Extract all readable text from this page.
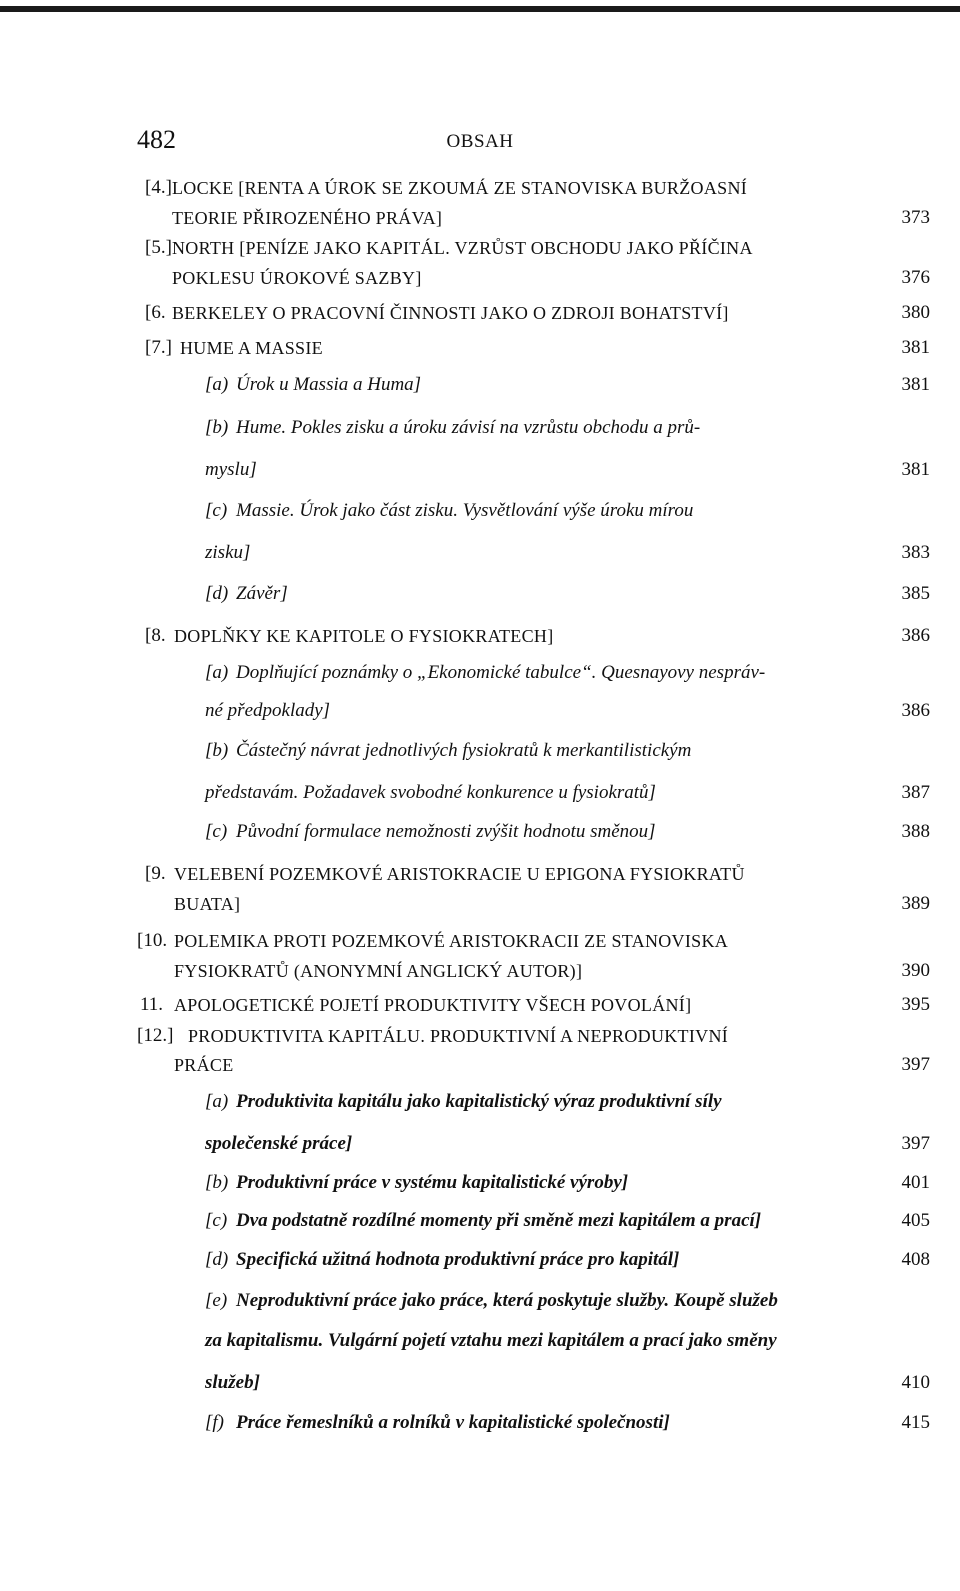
482	OBSAH
[4.] LOCKE [RENTA A ÚROK SE ZKOUMÁ ZE STANOVISKA BURŽOASNÍ
TEORIE PŘIROZENÉHO PRÁVA]	373
[5.] NORTH [PENÍZE JAKO KAPITÁL. VZRŮST OBCHODU JAKO PŘÍČINA
POKLESU ÚROKOVÉ SAZBY]	376
[6. BERKELEY O PRACOVNÍ ČINNOSTI JAKO O ZDROJI BOHATSTVÍ]	380
[7.] HUME A MASSIE	381
[a) Úrok u Massia a Huma]	381
[b) Hume. Pokles zisku a úroku závisí na vzrůstu obchodu a prů-
myslu]	381
[c) Massie. Úrok jako část zisku. Vysvětlování výše úroku mírou
zisku]	383
[d) Závěr]	385
[8. DOPLŇKY KE KAPITOLE O FYSIOKRATECH]	386
[a) Doplňující poznámky o „Ekonomické tabulce“. Quesnayovy nespráv-
né předpoklady]	386
[b) Částečný návrat jednotlivých fysiokratů k merkantilistickým
představám. Požadavek svobodné konkurence u fysiokratů]	387
[c) Původní formulace nemožnosti zvýšit hodnotu směnou]	388
[9. VELEBENÍ POZEMKOVÉ ARISTOKRACIE U EPIGONA FYSIOKRATŮ
BUATA]	389
[10. POLEMIKA PROTI POZEMKOVÉ ARISTOKRACII ZE STANOVISKA
FYSIOKRATŮ (ANONYMNÍ ANGLICKÝ AUTOR)]	390
11. APOLOGETICKÉ POJETÍ PRODUKTIVITY VŠECH POVOLÁNÍ]	395
[12.] PRODUKTIVITA KAPITÁLU. PRODUKTIVNÍ A NEPRODUKTIVNÍ
PRÁCE	397
[a) Produktivita kapitálu jako kapitalistický výraz produktivní síly
společenské práce]	397
[b) Produktivní práce v systému kapitalistické výroby]	401
[c) Dva podstatně rozdílné momenty při směně mezi kapitálem a prací]	405
[d) Specifická užitná hodnota produktivní práce pro kapitál]	408
[e) Neproduktivní práce jako práce, která poskytuje služby. Koupě služeb
za kapitalismu. Vulgární pojetí vztahu mezi kapitálem a prací jako směny
služeb]	410
[f) Práce řemeslníků a rolníků v kapitalistické společnosti]	415
